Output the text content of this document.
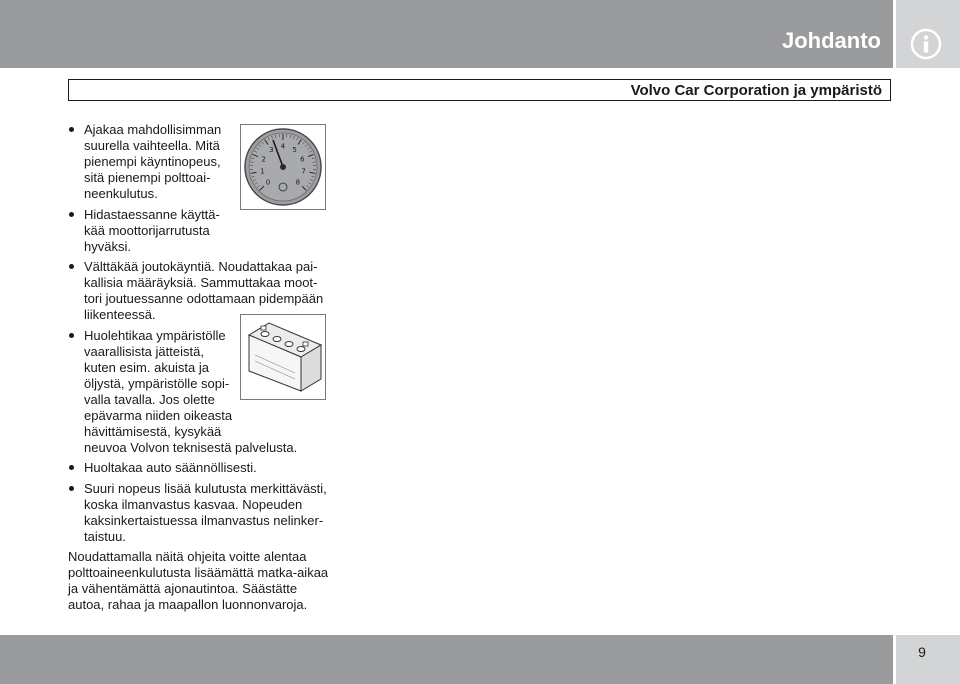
Johdanto
Volvo Car Corporation ja ympäristö
Ajakaa mahdollisimman
suurella vaihteella. Mitä
pienempi käyntinopeus,
sitä pienempi polttoai-
neenkulutus.
Hidastaessanne käyttä-
kää moottorijarrutusta
hyväksi.
Välttäkää joutokäyntiä. Noudattakaa pai-
kallisia määräyksiä. Sammuttakaa moot-
tori joutuessanne odottamaan pidempään
liikenteessä.
Huolehtikaa ympäristölle
vaarallisista jätteistä,
kuten esim. akuista ja
öljystä, ympäristölle sopi-
valla tavalla. Jos olette
epävarma niiden oikeasta
hävittämisestä, kysykää
neuvoa Volvon teknisestä palvelusta.
Huoltakaa auto säännöllisesti.
Suuri nopeus lisää kulutusta merkittävästi,
koska ilmanvastus kasvaa. Nopeuden
kaksinkertaistuessa ilmanvastus nelinker-
taistuu.
Noudattamalla näitä ohjeita voitte alentaa
polttoaineenkulutusta lisäämättä matka-aikaa
ja vähentämättä ajonautintoa. Säästätte
autoa, rahaa ja maapallon luonnonvaroja.
0
1
2
3 4 5
6
7
8
9
